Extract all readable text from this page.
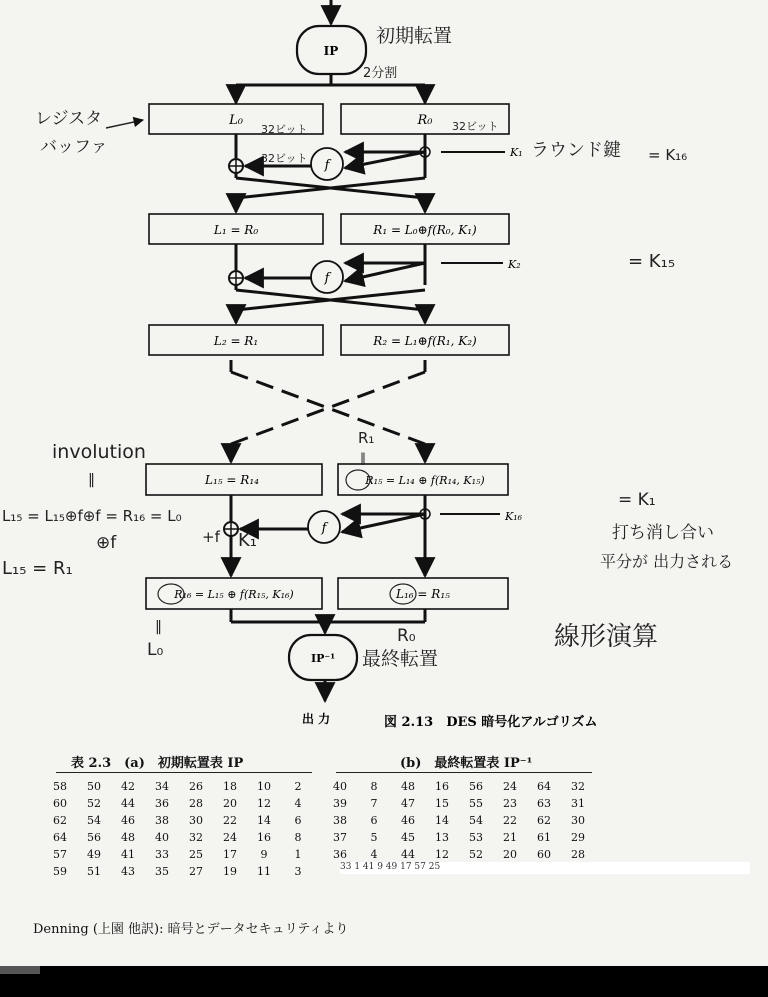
IP
L₀	R₀
f
K₁
L₁ = R₀	R₁ = L₀⊕f(R₀, K₁)
f
K₂
L₂ = R₁	R₂ = L₁⊕f(R₁, K₂)
L₁₅ = R₁₄	R₁₅ = L₁₄ ⊕ f(R₁₄, K₁₅)
f
K₁₆
R₁₆ = L₁₅ ⊕ f(R₁₅, K₁₆)	L₁₆ = R₁₅
IP⁻¹
出 力	図 2.13　DES 暗号化アルゴリズム
初期転置
2分割
レジスタ
バッファ
32ビット	32ビット
32ビット	ラウンド鍵 = K₁₆
= K₁₅
R₁
‖
involution
‖
L₁₅ = L₁₅⊕f⊕f = R₁₆ = L₀
⊕f
L₁₅ = R₁
+f K₁
= K₁
打ち消し合い
平分が 出力される
‖
L₀
R₀
最終転置
線形演算
表 2.3　(a)　初期転置表 IP
58	50	42	34	26	18	10	2
60	52	44	36	28	20	12	4
62	54	46	38	30	22	14	6
64	56	48	40	32	24	16	8
57	49	41	33	25	17	9	1
59	51	43	35	27	19	11	3
(b)　最終転置表 IP⁻¹
40	8	48	16	56	24	64	32
39	7	47	15	55	23	63	31
38	6	46	14	54	22	62	30
37	5	45	13	53	21	61	29
36	4	44	12	52	20	60	28
Denning (上園 他訳): 暗号とデータセキュリティより
33 1 41 9 49 17 57 25
